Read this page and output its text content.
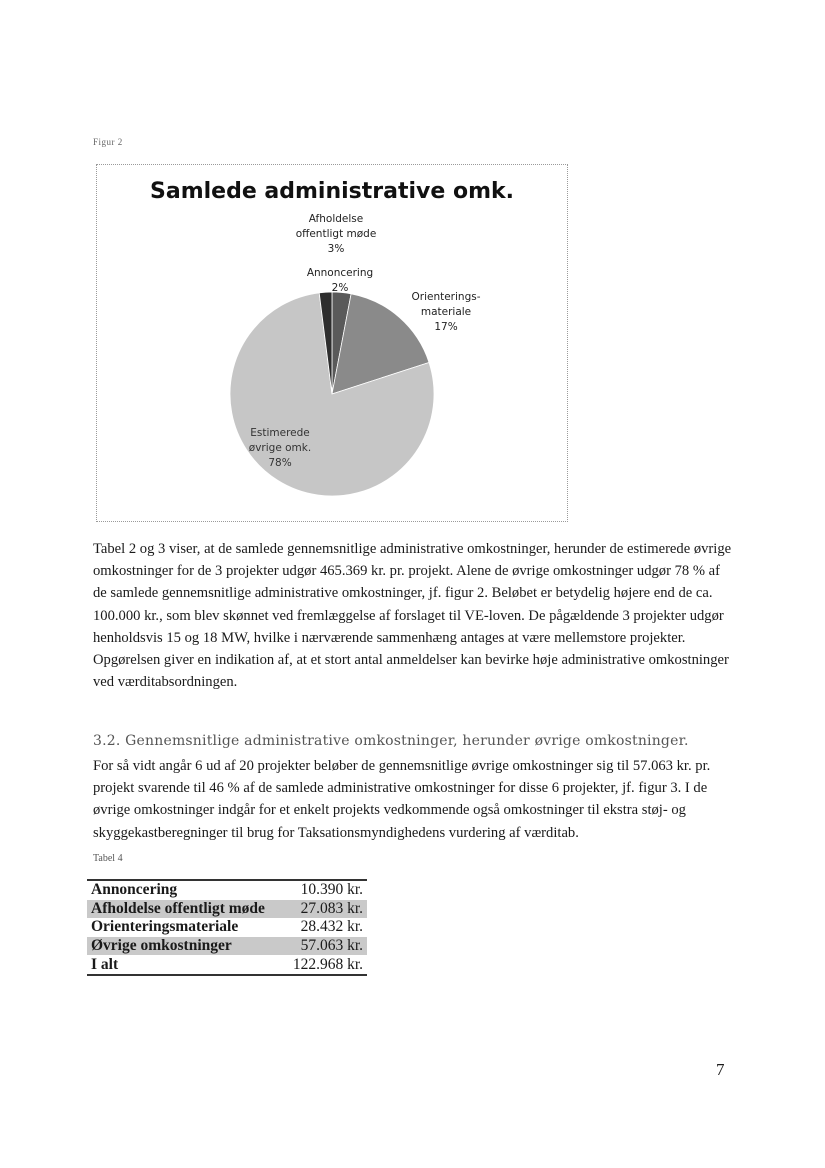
Figur 2
Samlede administrative omk.
Afholdelse offentligt møde 3%
Orienterings-materiale 17%
Estimerede øvrige omk. 78%
Annoncering 2%
Tabel 2 og 3 viser, at de samlede gennemsnitlige administrative omkostninger, herunder de estimerede øvrige omkostninger for de 3 projekter udgør 465.369 kr. pr. projekt. Alene de øvrige omkostninger udgør 78 % af de samlede gennemsnitlige administrative omkostninger, jf. figur 2. Beløbet er betydelig højere end de ca. 100.000 kr., som blev skønnet ved fremlæggelse af forslaget til VE-loven. De pågældende 3 projekter udgør henholdsvis 15 og 18 MW, hvilke i nærværende sammenhæng antages at være mellemstore projekter. Opgørelsen giver en indikation af, at et stort antal anmeldelser kan bevirke høje administrative omkostninger ved værditabsordningen.
3.2. Gennemsnitlige administrative omkostninger, herunder øvrige omkostninger.
For så vidt angår 6 ud af 20 projekter beløber de gennemsnitlige øvrige omkostninger sig til 57.063 kr. pr. projekt svarende til 46 % af de samlede administrative omkostninger for disse 6 projekter, jf. figur 3. I de øvrige omkostninger indgår for et enkelt projekts vedkommende også omkostninger til ekstra støj- og skyggekastberegninger til brug for Taksationsmyndighedens vurdering af værditab.
Tabel 4
Annoncering	10.390 kr.
Afholdelse offentligt møde	27.083 kr.
Orienteringsmateriale	28.432 kr.
Øvrige omkostninger	57.063 kr.
I alt	122.968 kr.
7
